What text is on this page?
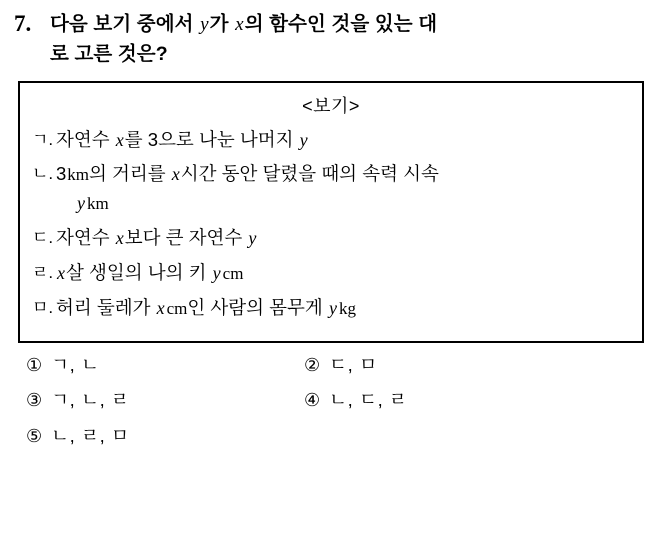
7. 다음 보기 중에서 y가 x의 함수인 것을 있는 대
로 고른 것은?
<보기>
ㄱ. 자연수 x를 3으로 나눈 나머지 y
ㄴ. 3km의 거리를 x시간 동안 달렸을 때의 속력 시속
y km
ㄷ. 자연수 x보다 큰 자연수 y
ㄹ. x살 생일의 나의 키 y cm
ㅁ. 허리 둘레가 x cm인 사람의 몸무게 y kg
① ㄱ, ㄴ	② ㄷ, ㅁ
③ ㄱ, ㄴ, ㄹ	④ ㄴ, ㄷ, ㄹ
⑤ ㄴ, ㄹ, ㅁ
